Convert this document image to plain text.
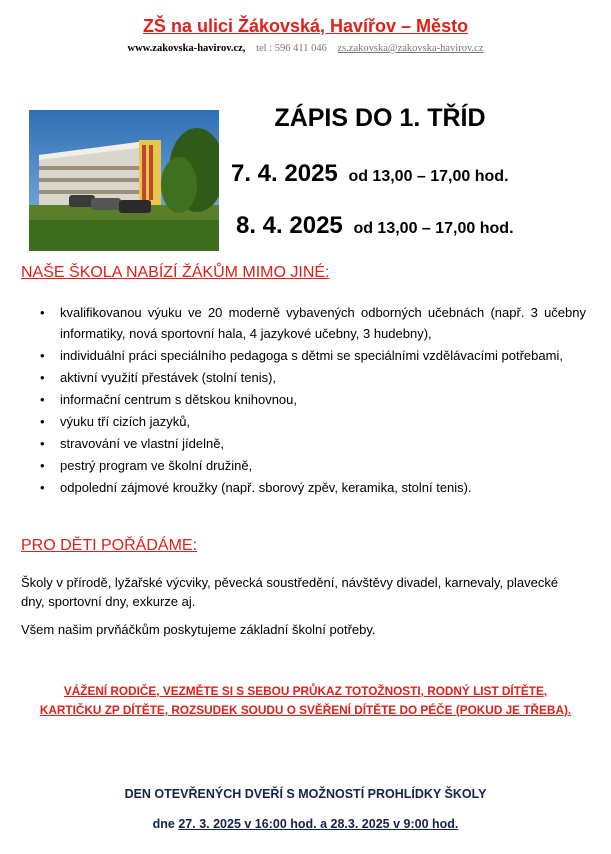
ZŠ na ulici Žákovská, Havířov – Město
www.zakovska-havirov.cz, tel : 596 411 046 zs.zakovska@zakovska-havirov.cz
ZÁPIS DO 1. TŘÍD
7. 4. 2025 od 13,00 – 17,00 hod.
8. 4. 2025 od 13,00 – 17,00 hod.
NAŠE ŠKOLA NABÍZÍ ŽÁKŮM MIMO JINÉ:
• kvalifikovanou výuku ve 20 moderně vybavených odborných učebnách (např. 3 učebny informatiky, nová sportovní hala, 4 jazykové učebny, 3 hudebny),
• individuální práci speciálního pedagoga s dětmi se speciálními vzdělávacími potřebami,
• aktivní využití přestávek (stolní tenis),
• informační centrum s dětskou knihovnou,
• výuku tří cizích jazyků,
• stravování ve vlastní jídelně,
• pestrý program ve školní družině,
• odpolední zájmové kroužky (např. sborový zpěv, keramika, stolní tenis).
PRO DĚTI POŘÁDÁME:
Školy v přírodě, lyžařské výcviky, pěvecká soustředění, návštěvy divadel, karnevaly, plavecké dny, sportovní dny, exkurze aj.
Všem našim prvňáčkům poskytujeme základní školní potřeby.
VÁŽENÍ RODIČE, VEZMĚTE SI S SEBOU PRŮKAZ TOTOŽNOSTI, RODNÝ LIST DÍTĚTE,
KARTIČKU ZP DÍTĚTE, ROZSUDEK SOUDU O SVĚŘENÍ DÍTĚTE DO PÉČE (POKUD JE TŘEBA).
DEN OTEVŘENÝCH DVEŘÍ S MOŽNOSTÍ PROHLÍDKY ŠKOLY
dne 27. 3. 2025 v 16:00 hod. a 28.3. 2025 v 9:00 hod.
